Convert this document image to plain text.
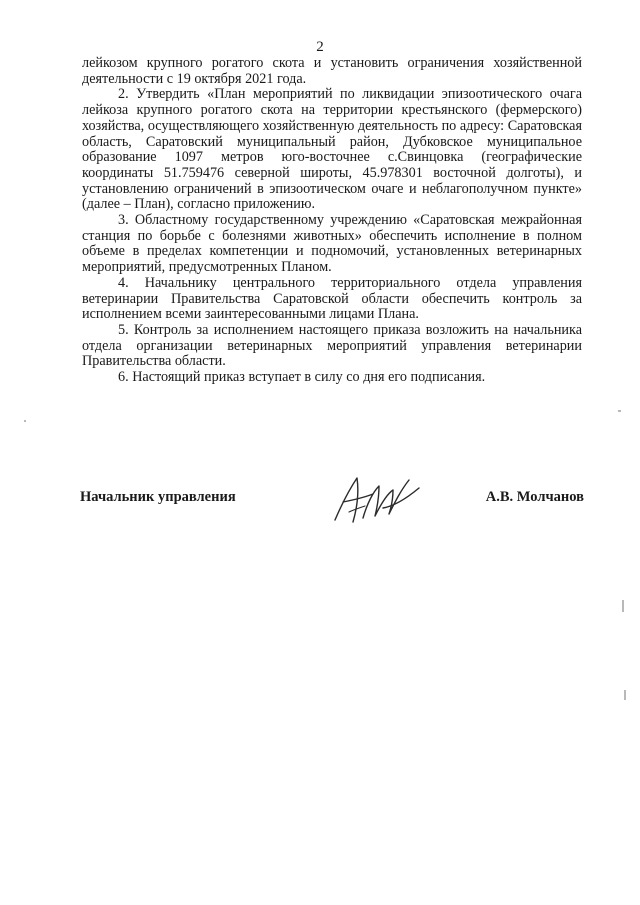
2

лейкозом крупного рогатого скота и установить ограничения хозяйственной деятельности с 19 октября 2021 года.

2. Утвердить «План мероприятий по ликвидации эпизоотического очага лейкоза крупного рогатого скота на территории крестьянского (фермерского) хозяйства, осуществляющего хозяйственную деятельность по адресу: Саратовская область, Саратовский муниципальный район, Дубковское муниципальное образование 1097 метров юго-восточнее с.Свинцовка (географические координаты 51.759476 северной широты, 45.978301 восточной долготы), и установлению ограничений в эпизоотическом очаге и неблагополучном пункте» (далее – План), согласно приложению.

3. Областному государственному учреждению «Саратовская межрайонная станция по борьбе с болезнями животных» обеспечить исполнение в полном объеме в пределах компетенции и подномочий, установленных ветеринарных мероприятий, предусмотренных Планом.

4. Начальнику центрального территориального отдела управления ветеринарии Правительства Саратовской области обеспечить контроль за исполнением всеми заинтересованными лицами Плана.

5. Контроль за исполнением настоящего приказа возложить на начальника отдела организации ветеринарных мероприятий управления ветеринарии Правительства области.

6. Настоящий приказ вступает в силу со дня его подписания.

Начальник управления	А.В. Молчанов
